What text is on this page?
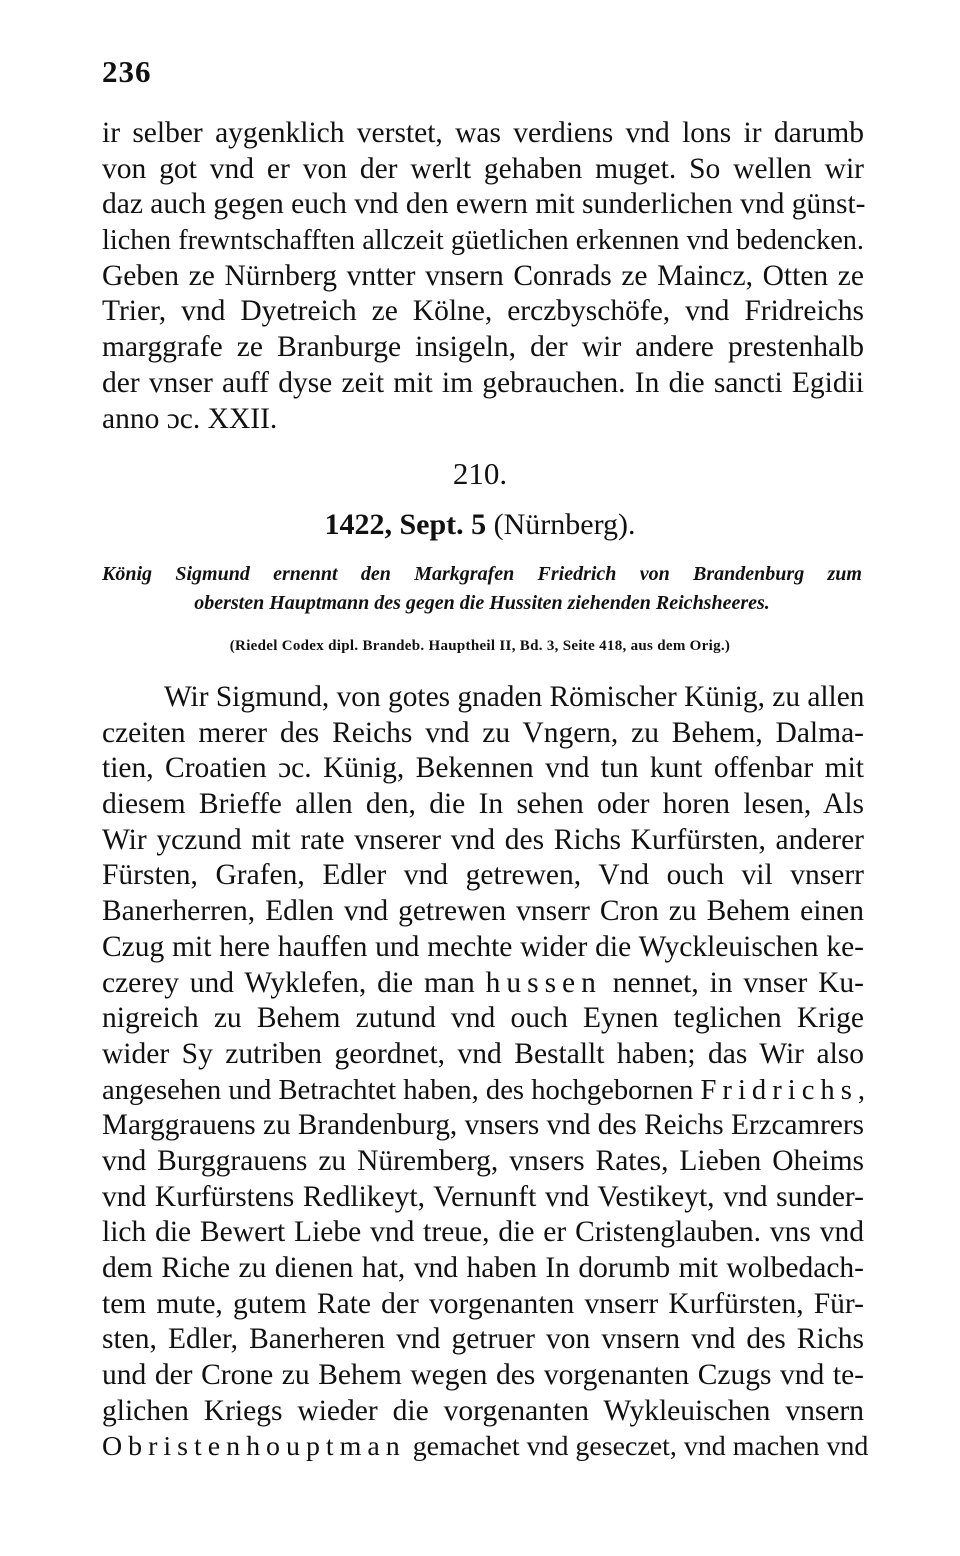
236
ir selber aygenklich verstet, was verdiens vnd lons ir darumb
von got vnd er von der werlt gehaben muget. So wellen wir
daz auch gegen euch vnd den ewern mit sunderlichen vnd günst-
lichen frewntschafften allczeit güetlichen erkennen vnd bedencken.
Geben ze Nürnberg vntter vnsern Conrads ze Maincz, Otten ze
Trier, vnd Dyetreich ze Kölne, erczbyschöfe, vnd Fridreichs
marggrafe ze Branburge insigeln, der wir andere prestenhalb
der vnser auff dyse zeit mit im gebrauchen. In die sancti Egidii
anno ɔc. XXII.
210.
1422, Sept. 5 (Nürnberg).
König Sigmund ernennt den Markgrafen Friedrich von Brandenburg zum
obersten Hauptmann des gegen die Hussiten ziehenden Reichsheeres.
(Riedel Codex dipl. Brandeb. Hauptheil II, Bd. 3, Seite 418, aus dem Orig.)
Wir Sigmund, von gotes gnaden Römischer Künig, zu allen
czeiten merer des Reichs vnd zu Vngern, zu Behem, Dalma-
tien, Croatien ɔc. Künig, Bekennen vnd tun kunt offenbar mit
diesem Brieffe allen den, die In sehen oder horen lesen, Als
Wir yczund mit rate vnserer vnd des Richs Kurfürsten, anderer
Fürsten, Grafen, Edler vnd getrewen, Vnd ouch vil vnserr
Banerherren, Edlen vnd getrewen vnserr Cron zu Behem einen
Czug mit here hauffen und mechte wider die Wyckleuischen ke-
czerey und Wyklefen, die man hussen nennet, in vnser Ku-
nigreich zu Behem zutund vnd ouch Eynen teglichen Krige
wider Sy zutriben geordnet, vnd Bestallt haben; das Wir also
angesehen und Betrachtet haben, des hochgebornen Fridrichs,
Marggrauens zu Brandenburg, vnsers vnd des Reichs Erzcamrers
vnd Burggrauens zu Nüremberg, vnsers Rates, Lieben Oheims
vnd Kurfürstens Redlikeyt, Vernunft vnd Vestikeyt, vnd sunder-
lich die Bewert Liebe vnd treue, die er Cristenglauben. vns vnd
dem Riche zu dienen hat, vnd haben In dorumb mit wolbedach-
tem mute, gutem Rate der vorgenanten vnserr Kurfürsten, Für-
sten, Edler, Banerheren vnd getruer von vnsern vnd des Richs
und der Crone zu Behem wegen des vorgenanten Czugs vnd te-
glichen Kriegs wieder die vorgenanten Wykleuischen vnsern
Obristenhouptman gemachet vnd geseczet, vnd machen vnd
